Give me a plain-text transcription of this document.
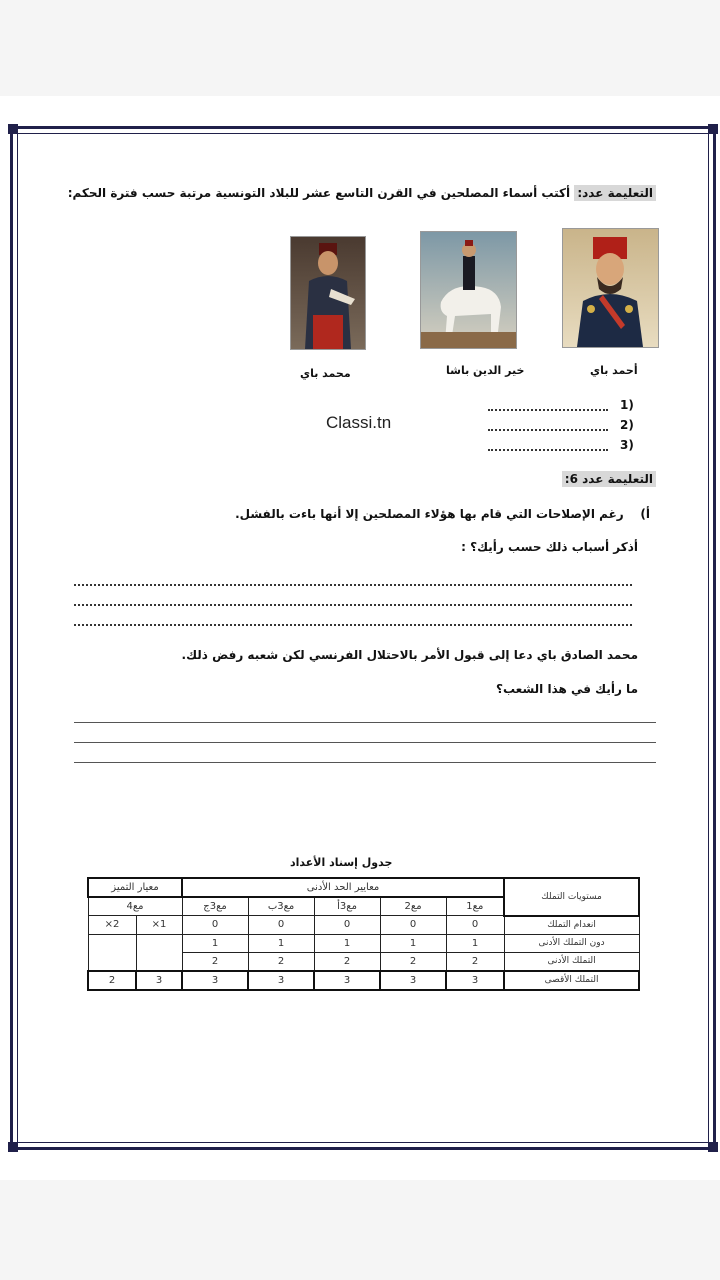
التعليمة عدد: أكتب أسماء المصلحين في القرن التاسع عشر للبلاد التونسية مرتبة حسب فترة الحكم:
أحمد باي
خير الدين باشا
محمد باي
Classi.tn
1)
2)
3)
التعليمة عدد 6:
أ)    رغم الإصلاحات التي قام بها هؤلاء المصلحين إلا أنها باءت بالفشل.
أذكر أسباب ذلك حسب رأيك؟ :
محمد الصادق باي دعا إلى قبول الأمر بالاحتلال الفرنسي لكن شعبه رفض ذلك.
ما رأيك في هذا الشعب؟
جدول إسناد الأعداد
مستويات التملك	معايير الحد الأدنى					معيار التميز	
	مع1	مع2	مع3أ	مع3ب	مع3ج	مع4	
انعدام التملك	0	0	0	0	0	1×	2×
دون التملك الأدنى	1	1	1	1	1		
التملك الأدنى	2	2	2	2	2		
التملك الأقصى	3	3	3	3	3	3	2
